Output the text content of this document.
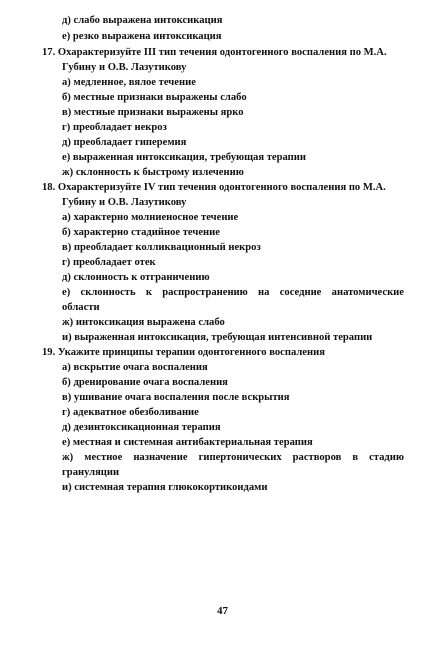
д) слабо выражена интоксикация
е) резко выражена интоксикация
17. Охарактеризуйте III тип течения одонтогенного воспаления по М.А.
Губину и О.В. Лазутикову
а) медленное, вялое течение
б) местные признаки выражены слабо
в) местные признаки выражены ярко
г) преобладает некроз
д) преобладает гиперемия
е) выраженная интоксикация, требующая терапии
ж) склонность к быстрому излечению
18. Охарактеризуйте IV тип течения одонтогенного воспаления по М.А.
Губину и О.В. Лазутикову
а) характерно молниеносное течение
б) характерно стадийное течение
в) преобладает колликвационный некроз
г) преобладает отек
д) склонность к отграничению
е) склонность к распространению на соседние анатомические
области
ж) интоксикация выражена слабо
и) выраженная интоксикация, требующая интенсивной терапии
19. Укажите принципы терапии одонтогенного воспаления
а) вскрытие очага воспаления
б) дренирование очага воспаления
в) ушивание очага воспаления после вскрытия
г) адекватное обезболивание
д) дезинтоксикационная терапия
е) местная и системная антибактериальная терапия
ж) местное назначение гипертонических растворов в стадию
грануляции
и) системная терапия глюкокортикоидами
47
